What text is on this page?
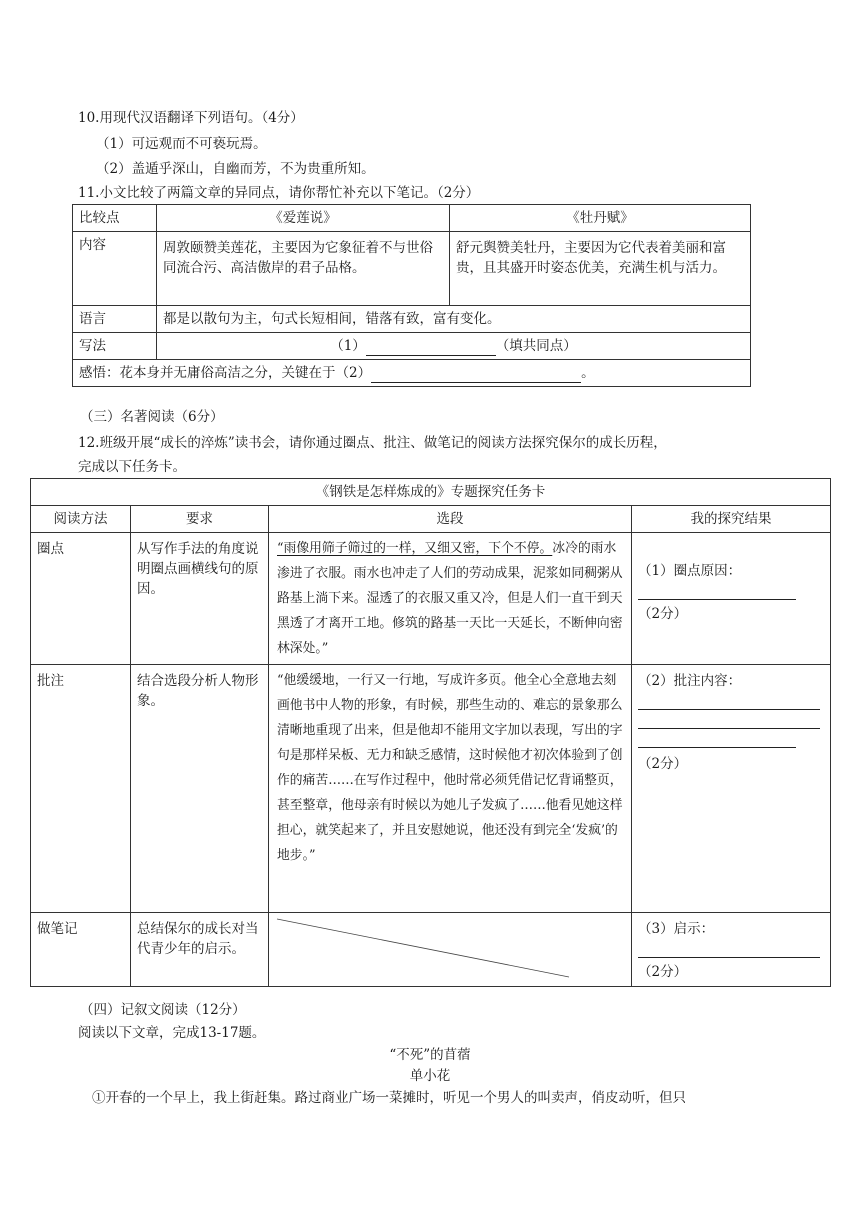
10.用现代汉语翻译下列语句。（4分）
（1）可远观而不可亵玩焉。
（2）盖遁乎深山，自幽而芳，不为贵重所知。
11.小文比较了两篇文章的异同点，请你帮忙补充以下笔记。（2分）
比较点	《爱莲说》	《牡丹赋》
内容	周敦颐赞美莲花，主要因为它象征着不与世俗同流合污、高洁傲岸的君子品格。	舒元舆赞美牡丹，主要因为它代表着美丽和富贵，且其盛开时姿态优美，充满生机与活力。
语言	都是以散句为主，句式长短相间，错落有致，富有变化。	
写法	（1） （填共同点）	
感悟：花本身并无庸俗高洁之分，关键在于（2） 。		
（三）名著阅读（6分）
12.班级开展“成长的淬炼”读书会，请你通过圈点、批注、做笔记的阅读方法探究保尔的成长历程，
完成以下任务卡。
《钢铁是怎样炼成的》专题探究任务卡			
阅读方法	要求	选段	我的探究结果
圈点	从写作手法的角度说明圈点画横线句的原因。	“雨像用筛子筛过的一样，又细又密，下个不停。冰冷的雨水渗进了衣服。雨水也冲走了人们的劳动成果，泥浆如同稠粥从路基上淌下来。湿透了的衣服又重又冷，但是人们一直干到天黑透了才离开工地。修筑的路基一天比一天延长，不断伸向密林深处。”	（1）圈点原因：
（2分）

批注	结合选段分析人物形象。	“他缓缓地，一行又一行地，写成许多页。他全心全意地去刻画他书中人物的形象，有时候，那些生动的、难忘的景象那么清晰地重现了出来，但是他却不能用文字加以表现，写出的字句是那样呆板、无力和缺乏感情，这时候他才初次体验到了创作的痛苦……在写作过程中，他时常必须凭借记忆背诵整页，甚至整章，他母亲有时候以为她儿子发疯了……他看见她这样担心，就笑起来了，并且安慰她说，他还没有到完全‘发疯’的地步。”	（2）批注内容：
（2分）

做笔记	总结保尔的成长对当代青少年的启示。		（3）启示：
（2分）
（四）记叙文阅读（12分）
阅读以下文章，完成13-17题。
“不死”的苜蓿
单小花
①开春的一个早上，我上街赶集。路过商业广场一菜摊时，听见一个男人的叫卖声，俏皮动听，但只
